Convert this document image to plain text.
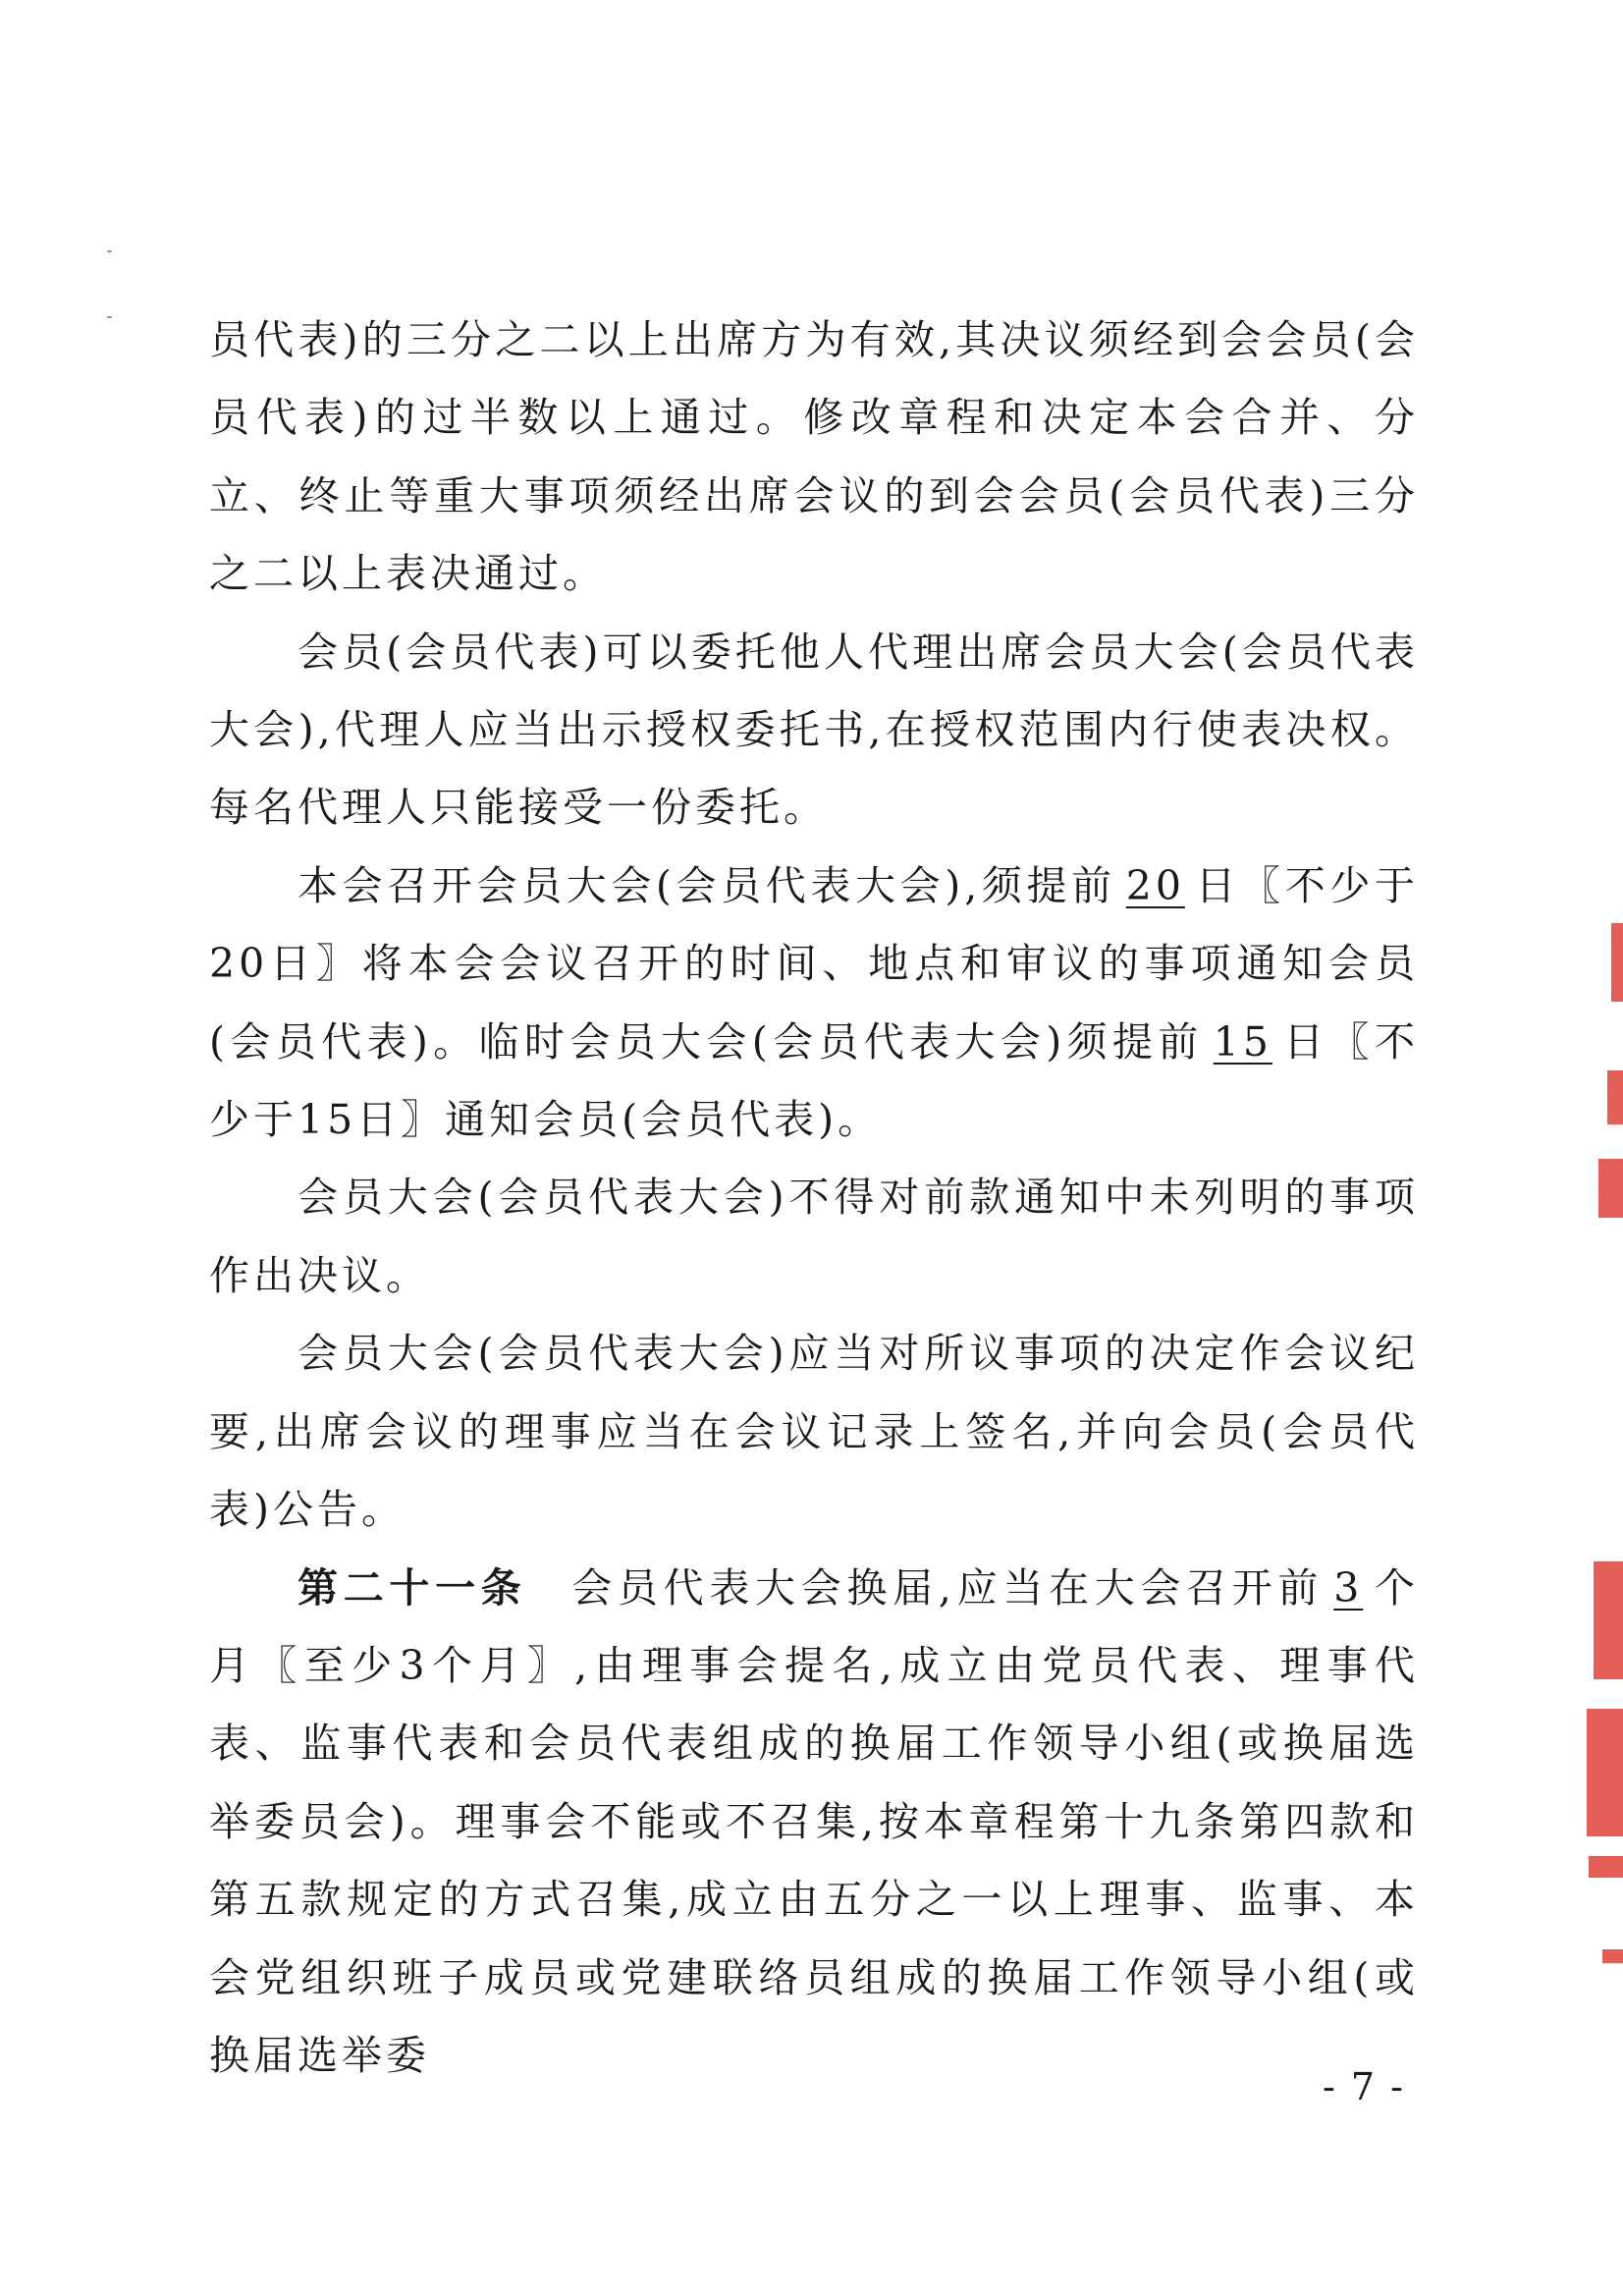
员代表)的三分之二以上出席方为有效,其决议须经到会会员(会员代表)的过半数以上通过。修改章程和决定本会合并、分立、终止等重大事项须经出席会议的到会会员(会员代表)三分之二以上表决通过。

会员(会员代表)可以委托他人代理出席会员大会(会员代表大会),代理人应当出示授权委托书,在授权范围内行使表决权。每名代理人只能接受一份委托。

本会召开会员大会(会员代表大会),须提前 20 日〖不少于20日〗将本会会议召开的时间、地点和审议的事项通知会员(会员代表)。临时会员大会(会员代表大会)须提前 15 日〖不少于15日〗通知会员(会员代表)。

会员大会(会员代表大会)不得对前款通知中未列明的事项作出决议。

会员大会(会员代表大会)应当对所议事项的决定作会议纪要,出席会议的理事应当在会议记录上签名,并向会员(会员代表)公告。

第二十一条 会员代表大会换届,应当在大会召开前 3 个月〖至少3个月〗,由理事会提名,成立由党员代表、理事代表、监事代表和会员代表组成的换届工作领导小组(或换届选举委员会)。理事会不能或不召集,按本章程第十九条第四款和第五款规定的方式召集,成立由五分之一以上理事、监事、本会党组织班子成员或党建联络员组成的换届工作领导小组(或换届选举委

- 7 -
